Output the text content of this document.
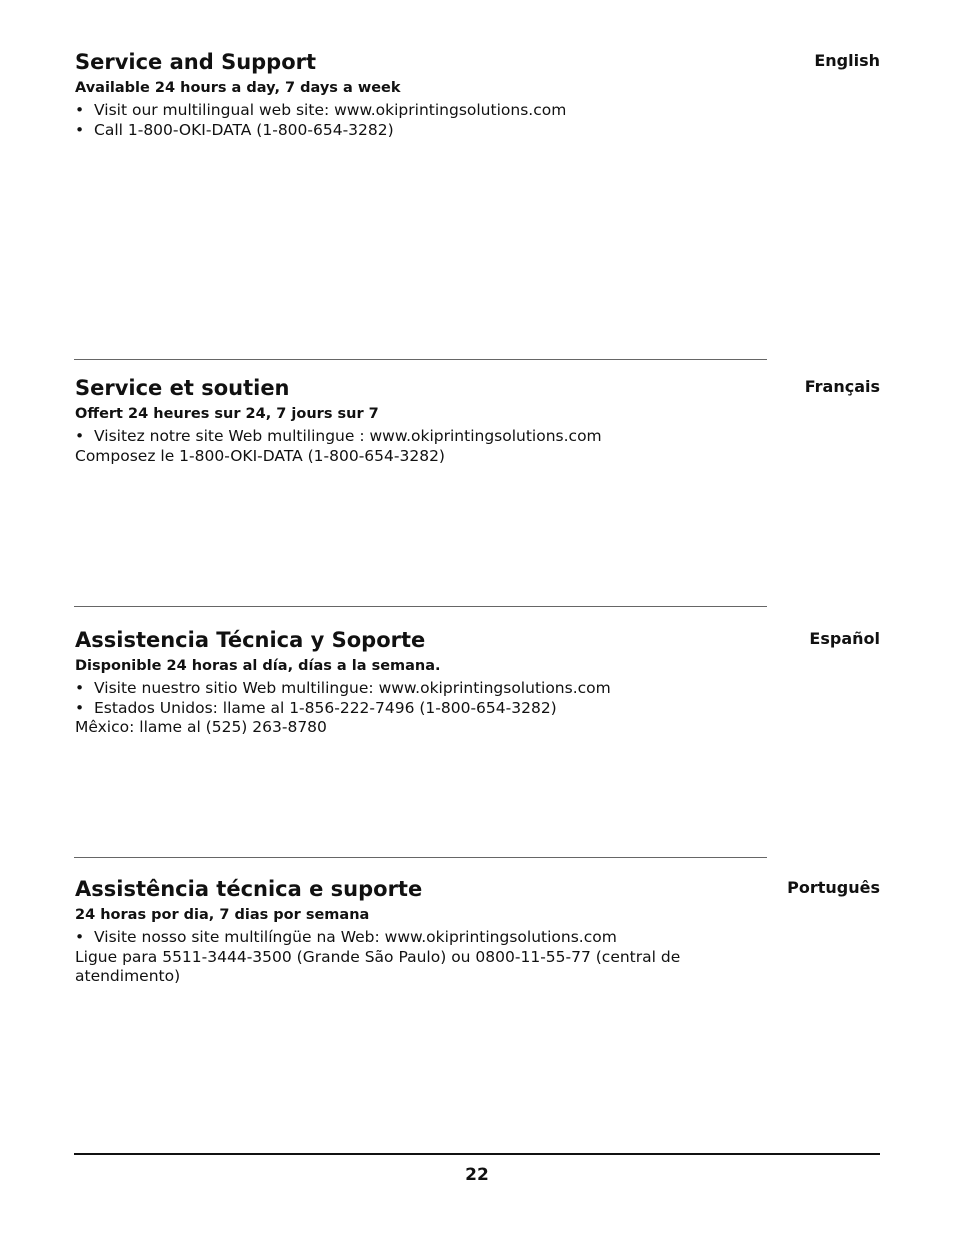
Service and Support	English
Available 24 hours a day, 7 days a week
•  Visit our multilingual web site: www.okiprintingsolutions.com
•  Call 1-800-OKI-DATA (1-800-654-3282)
Service et soutien	Français
Offert 24 heures sur 24, 7 jours sur 7
•  Visitez notre site Web multilingue : www.okiprintingsolutions.com
Composez le 1-800-OKI-DATA (1-800-654-3282)
Assistencia Técnica y Soporte	Español
Disponible 24 horas al día, días a la semana.
•  Visite nuestro sitio Web multilingue: www.okiprintingsolutions.com
•  Estados Unidos: llame al 1-856-222-7496 (1-800-654-3282)
Mêxico: llame al (525) 263-8780
Assistência técnica e suporte	Português
24 horas por dia, 7 dias por semana
•  Visite nosso site multilíngüe na Web: www.okiprintingsolutions.com
Ligue para 5511-3444-3500 (Grande São Paulo) ou 0800-11-55-77 (central de atendimento)
22
